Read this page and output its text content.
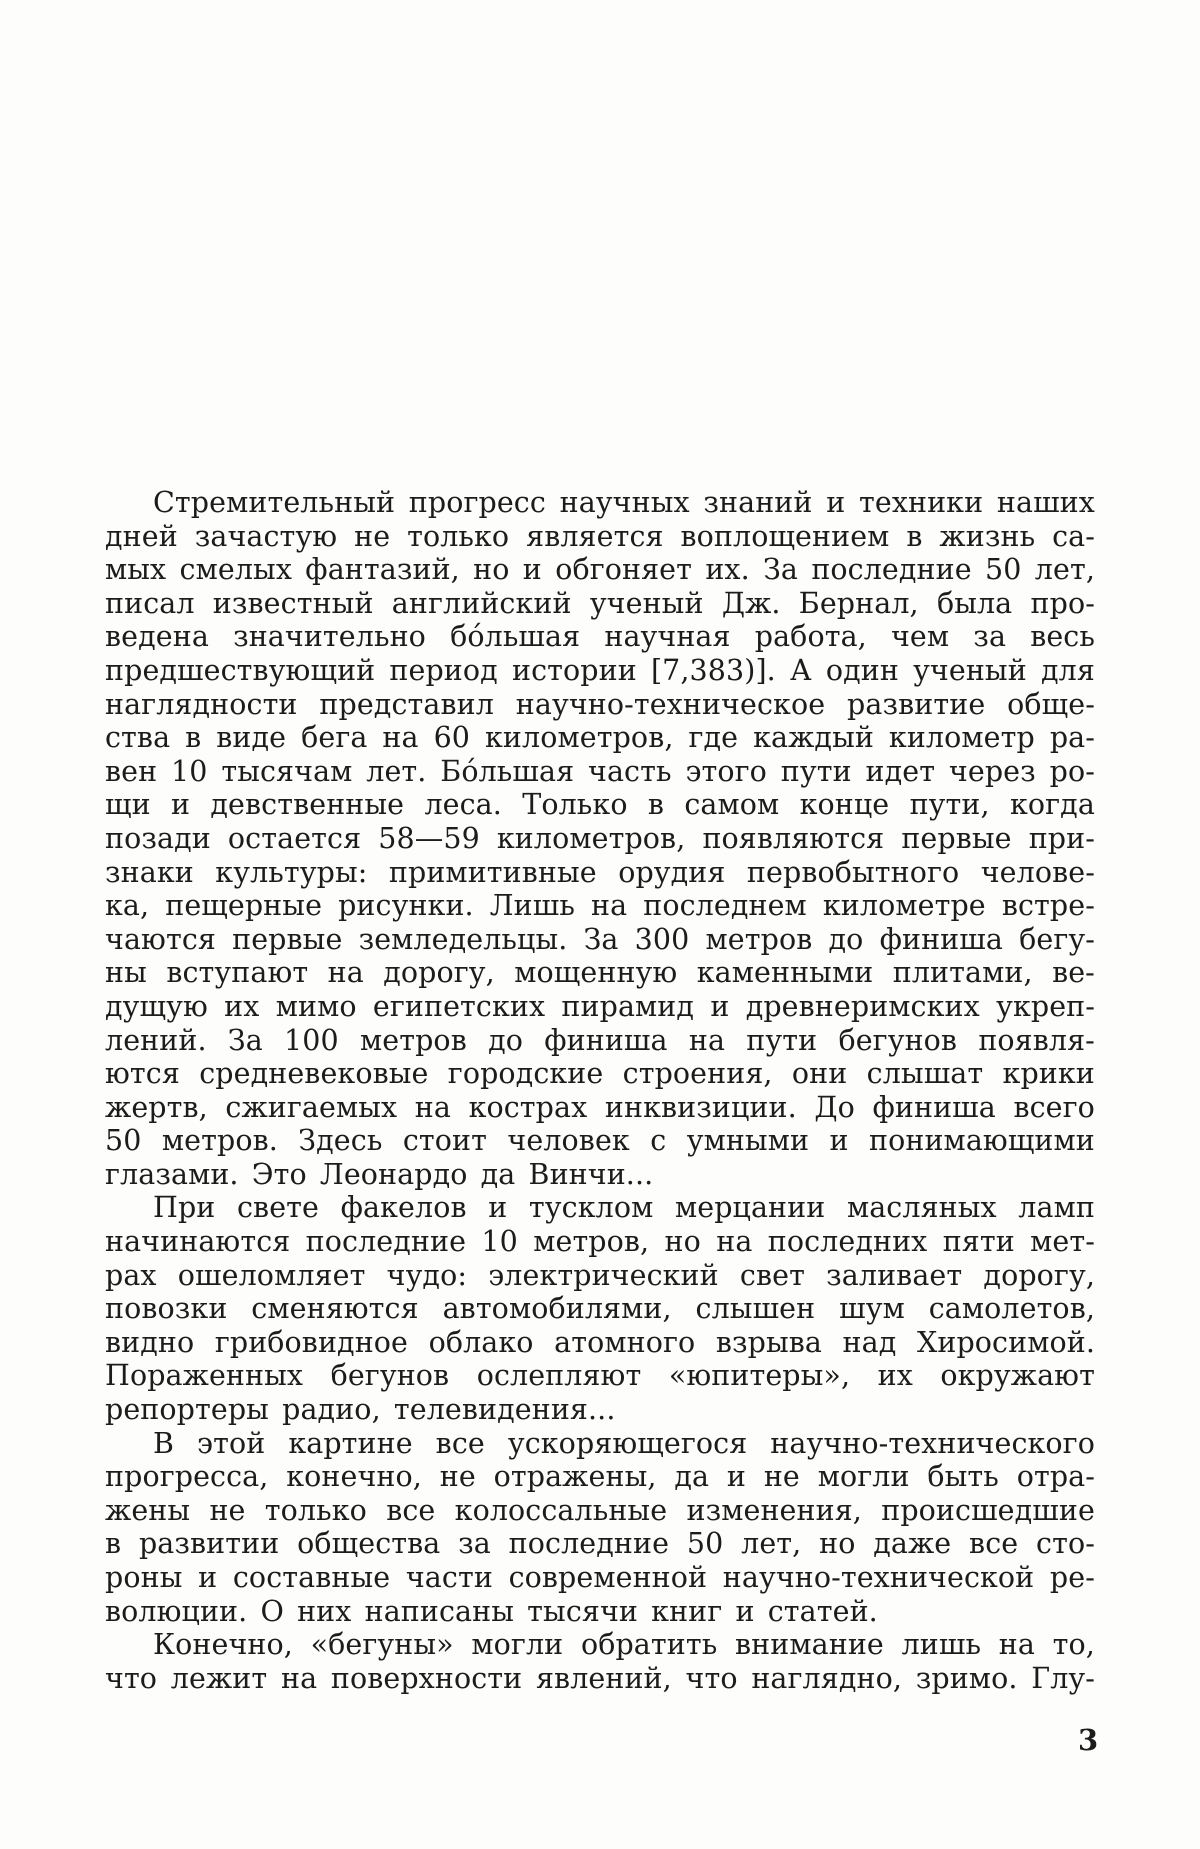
Стремительный прогресс научных знаний и техники наших
дней зачастую не только является воплощением в жизнь са-
мых смелых фантазий, но и обгоняет их. За последние 50 лет,
писал известный английский ученый Дж. Бернал, была про-
ведена значительно бо́льшая научная работа, чем за весь
предшествующий период истории [7,383)]. А один ученый для
наглядности представил научно-техническое развитие обще-
ства в виде бега на 60 километров, где каждый километр ра-
вен 10 тысячам лет. Бо́льшая часть этого пути идет через ро-
щи и девственные леса. Только в самом конце пути, когда
позади остается 58—59 километров, появляются первые при-
знаки культуры: примитивные орудия первобытного челове-
ка, пещерные рисунки. Лишь на последнем километре встре-
чаются первые земледельцы. За 300 метров до финиша бегу-
ны вступают на дорогу, мощенную каменными плитами, ве-
дущую их мимо египетских пирамид и древнеримских укреп-
лений. За 100 метров до финиша на пути бегунов появля-
ются средневековые городские строения, они слышат крики
жертв, сжигаемых на кострах инквизиции. До финиша всего
50 метров. Здесь стоит человек с умными и понимающими
глазами. Это Леонардо да Винчи...
При свете факелов и тусклом мерцании масляных ламп
начинаются последние 10 метров, но на последних пяти мет-
рах ошеломляет чудо: электрический свет заливает дорогу,
повозки сменяются автомобилями, слышен шум самолетов,
видно грибовидное облако атомного взрыва над Хиросимой.
Пораженных бегунов ослепляют «юпитеры», их окружают
репортеры радио, телевидения...
В этой картине все ускоряющегося научно-технического
прогресса, конечно, не отражены, да и не могли быть отра-
жены не только все колоссальные изменения, происшедшие
в развитии общества за последние 50 лет, но даже все сто-
роны и составные части современной научно-технической ре-
волюции. О них написаны тысячи книг и статей.
Конечно, «бегуны» могли обратить внимание лишь на то,
что лежит на поверхности явлений, что наглядно, зримо. Глу-
3
